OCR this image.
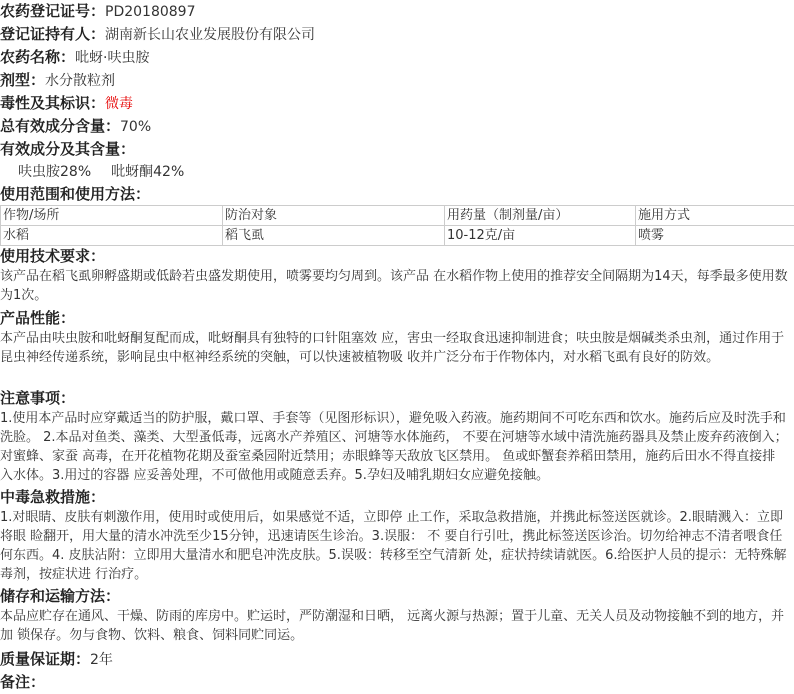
农药登记证号：PD20180897
登记证持有人：湖南新长山农业发展股份有限公司
农药名称：吡蚜·呋虫胺
剂型：水分散粒剂
毒性及其标识：微毒
总有效成分含量：70%
有效成分及其含量：
呋虫胺28% 吡蚜酮42%
使用范围和使用方法：
作物/场所	防治对象	用药量（制剂量/亩）	施用方式
水稻	稻飞虱	10-12克/亩	喷雾
使用技术要求：

该产品在稻飞虱卵孵盛期或低龄若虫盛发期使用，喷雾要均匀周到。该产品 在水稻作物上使用的推荐安全间隔期为14天，每季最多使用数为1次。

产品性能：

本产品由呋虫胺和吡蚜酮复配而成，吡蚜酮具有独特的口针阻塞效 应，害虫一经取食迅速抑制进食；呋虫胺是烟碱类杀虫剂，通过作用于 昆虫神经传递系统，影响昆虫中枢神经系统的突触，可以快速被植物吸 收并广泛分布于作物体内，对水稻飞虱有良好的防效。

注意事项：

1.使用本产品时应穿戴适当的防护服，戴口罩、手套等（见图形标识），避免吸入药液。施药期间不可吃东西和饮水。施药后应及时洗手和洗脸。 2.本品对鱼类、藻类、大型蚤低毒，远离水产养殖区、河塘等水体施药， 不要在河塘等水域中清洗施药器具及禁止废弃药液倒入；对蜜蜂、家蚕 高毒，在开花植物花期及蚕室桑园附近禁用；赤眼蜂等天敌放飞区禁用。 鱼或虾蟹套养稻田禁用，施药后田水不得直接排入水体。3.用过的容器 应妥善处理，不可做他用或随意丢弃。5.孕妇及哺乳期妇女应避免接触。

中毒急救措施：

1.对眼睛、皮肤有刺激作用，使用时或使用后，如果感觉不适，立即停 止工作，采取急救措施，并携此标签送医就诊。2.眼睛溅入：立即将眼 睑翻开，用大量的清水冲洗至少15分钟，迅速请医生诊治。3.误服： 不 要自行引吐，携此标签送医诊治。切勿给神志不清者喂食任何东西。4. 皮肤沾附：立即用大量清水和肥皂冲洗皮肤。5.误吸：转移至空气清新 处，症状持续请就医。6.给医护人员的提示：无特殊解毒剂，按症状进 行治疗。

储存和运输方法：

本品应贮存在通风、干燥、防雨的库房中。贮运时，严防潮湿和日晒， 远离火源与热源；置于儿童、无关人员及动物接触不到的地方，并加 锁保存。勿与食物、饮料、粮食、饲料同贮同运。

质量保证期：2年
备注：
